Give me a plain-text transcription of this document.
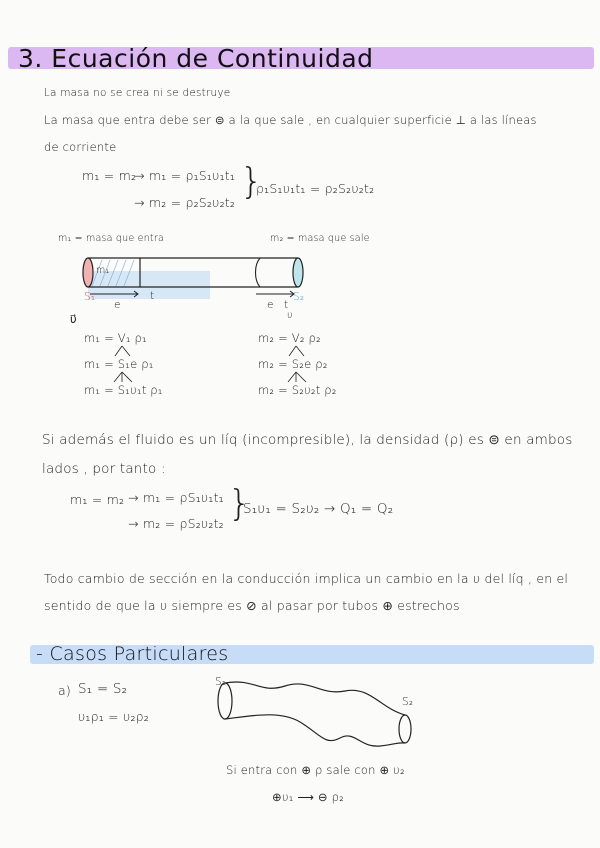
3. Ecuación de Continuidad
La masa no se crea ni se destruye
La masa que entra debe ser ⊜ a la que sale , en cualquier superficie ⊥ a las líneas
de corriente
m₁ = m₂
→ m₁ = ρ₁S₁υ₁t₁
→ m₂ = ρ₂S₂υ₂t₂
}
ρ₁S₁υ₁t₁ = ρ₂S₂υ₂t₂
m₁ = masa que entra	m₂ = masa que sale
m₁
S₁	S₂
e
t
e t
υ
υ⃗
m₁ = V₁ ρ₁
m₁ = S₁e ρ₁
m₁ = S₁υ₁t ρ₁
m₂ = V₂ ρ₂
m₂ = S₂e ρ₂
m₂ = S₂υ₂t ρ₂
Si además el fluido es un líq (incompresible), la densidad (ρ) es ⊜ en ambos
lados , por tanto :
m₁ = m₂ → m₁ = ρS₁υ₁t₁
→ m₂ = ρS₂υ₂t₂ }
S₁υ₁ = S₂υ₂ → Q₁ = Q₂
Todo cambio de sección en la conducción implica un cambio en la υ del líq , en el
sentido de que la υ siempre es ⊘ al pasar por tubos ⊕ estrechos
- Casos Particulares
a) S₁ = S₂
υ₁ρ₁ = υ₂ρ₂
S₁
S₂
Si entra con ⊕ ρ sale con ⊕ υ₂
⊕υ₁ ⟶ ⊖ ρ₂
